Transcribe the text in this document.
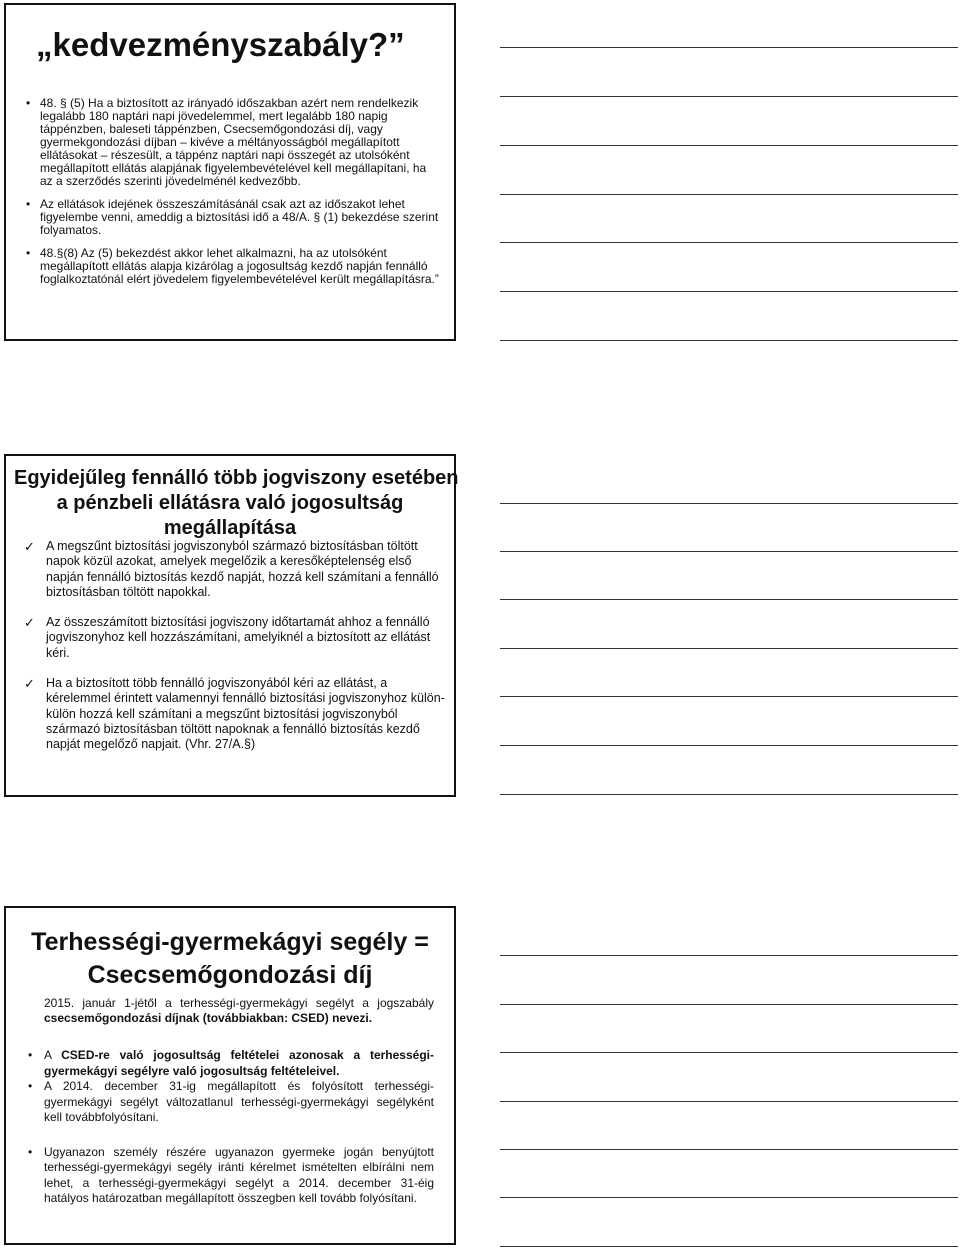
„kedvezményszabály?”
• 48. § (5) Ha a biztosított az irányadó időszakban azért nem rendelkezik legalább 180 naptári napi jövedelemmel, mert legalább 180 napig táppénzben, baleseti táppénzben, Csecsemőgondozási díj, vagy gyermekgondozási díjban – kivéve a méltányosságból megállapított ellátásokat – részesült, a táppénz naptári napi összegét az utolsóként megállapított ellátás alapjának figyelembevételével kell megállapítani, ha az a szerződés szerinti jövedelménél kedvezőbb.
• Az ellátások idejének összeszámításánál csak azt az időszakot lehet figyelembe venni, ameddig a biztosítási idő a 48/A. § (1) bekezdése szerint folyamatos.
• 48.§(8) Az (5) bekezdést akkor lehet alkalmazni, ha az utolsóként megállapított ellátás alapja kizárólag a jogosultság kezdő napján fennálló foglalkoztatónál elért jövedelem figyelembevételével került megállapításra.”
Egyidejűleg fennálló több jogviszony esetében
a pénzbeli ellátásra való jogosultság
megállapítása
✓ A megszűnt biztosítási jogviszonyból származó biztosításban töltött napok közül azokat, amelyek megelőzik a keresőképtelenség első napján fennálló biztosítás kezdő napját, hozzá kell számítani a fennálló biztosításban töltött napokkal.
✓ Az összeszámított biztosítási jogviszony időtartamát ahhoz a fennálló jogviszonyhoz kell hozzászámítani, amelyiknél a biztosított az ellátást kéri.
✓ Ha a biztosított több fennálló jogviszonyából kéri az ellátást, a kérelemmel érintett valamennyi fennálló biztosítási jogviszonyhoz külön-külön hozzá kell számítani a megszűnt biztosítási jogviszonyból származó biztosításban töltött napoknak a fennálló biztosítás kezdő napját megelőző napjait. (Vhr. 27/A.§)
Terhességi-gyermekágyi segély =
Csecsemőgondozási díj

2015. január 1-jétől a terhességi-gyermekágyi segélyt a jogszabály csecsemőgondozási díjnak (továbbiakban: CSED) nevezi.

• A CSED-re való jogosultság feltételei azonosak a terhességi-gyermekágyi segélyre való jogosultság feltételeivel.
• A 2014. december 31-ig megállapított és folyósított terhességi-gyermekágyi segélyt változatlanul terhességi-gyermekágyi segélyként kell továbbfolyósítani.
• Ugyanazon személy részére ugyanazon gyermeke jogán benyújtott terhességi-gyermekágyi segély iránti kérelmet ismételten elbírálni nem lehet, a terhességi-gyermekágyi segélyt a 2014. december 31-éig hatályos határozatban megállapított összegben kell tovább folyósítani.
